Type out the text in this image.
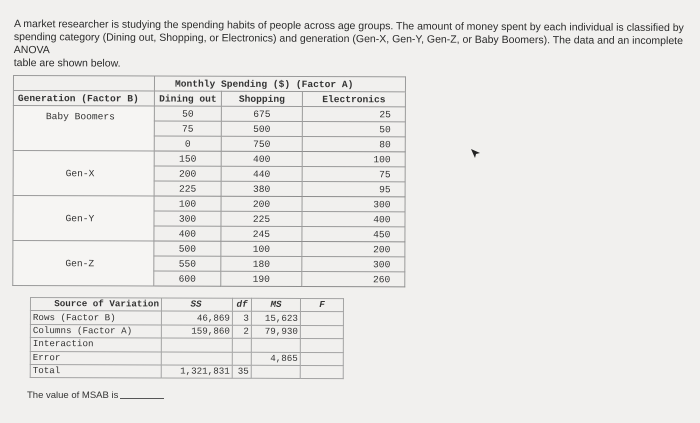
A market researcher is studying the spending habits of people across age groups. The amount of money spent by each individual is classified by
spending category (Dining out, Shopping, or Electronics) and generation (Gen-X, Gen-Y, Gen-Z, or Baby Boomers). The data and an incomplete ANOVA
table are shown below.
	Monthly Spending ($) (Factor A)		
Generation (Factor B)	Dining out	Shopping	Electronics
Baby Boomers	50	675	25
	75	500	50
	0	750	80
Gen-X	150	400	100
	200	440	75
	225	380	95
Gen-Y	100	200	300
	300	225	400
	400	245	450
Gen-Z	500	100	200
	550	180	300
	600	190	260
Source of Variation	SS	df	MS	F
Rows (Factor B)	46,869	3	15,623	
Columns (Factor A)	159,860	2	79,930	
Interaction				
Error			4,865	
Total	1,321,831	35		
The value of MSAB is
